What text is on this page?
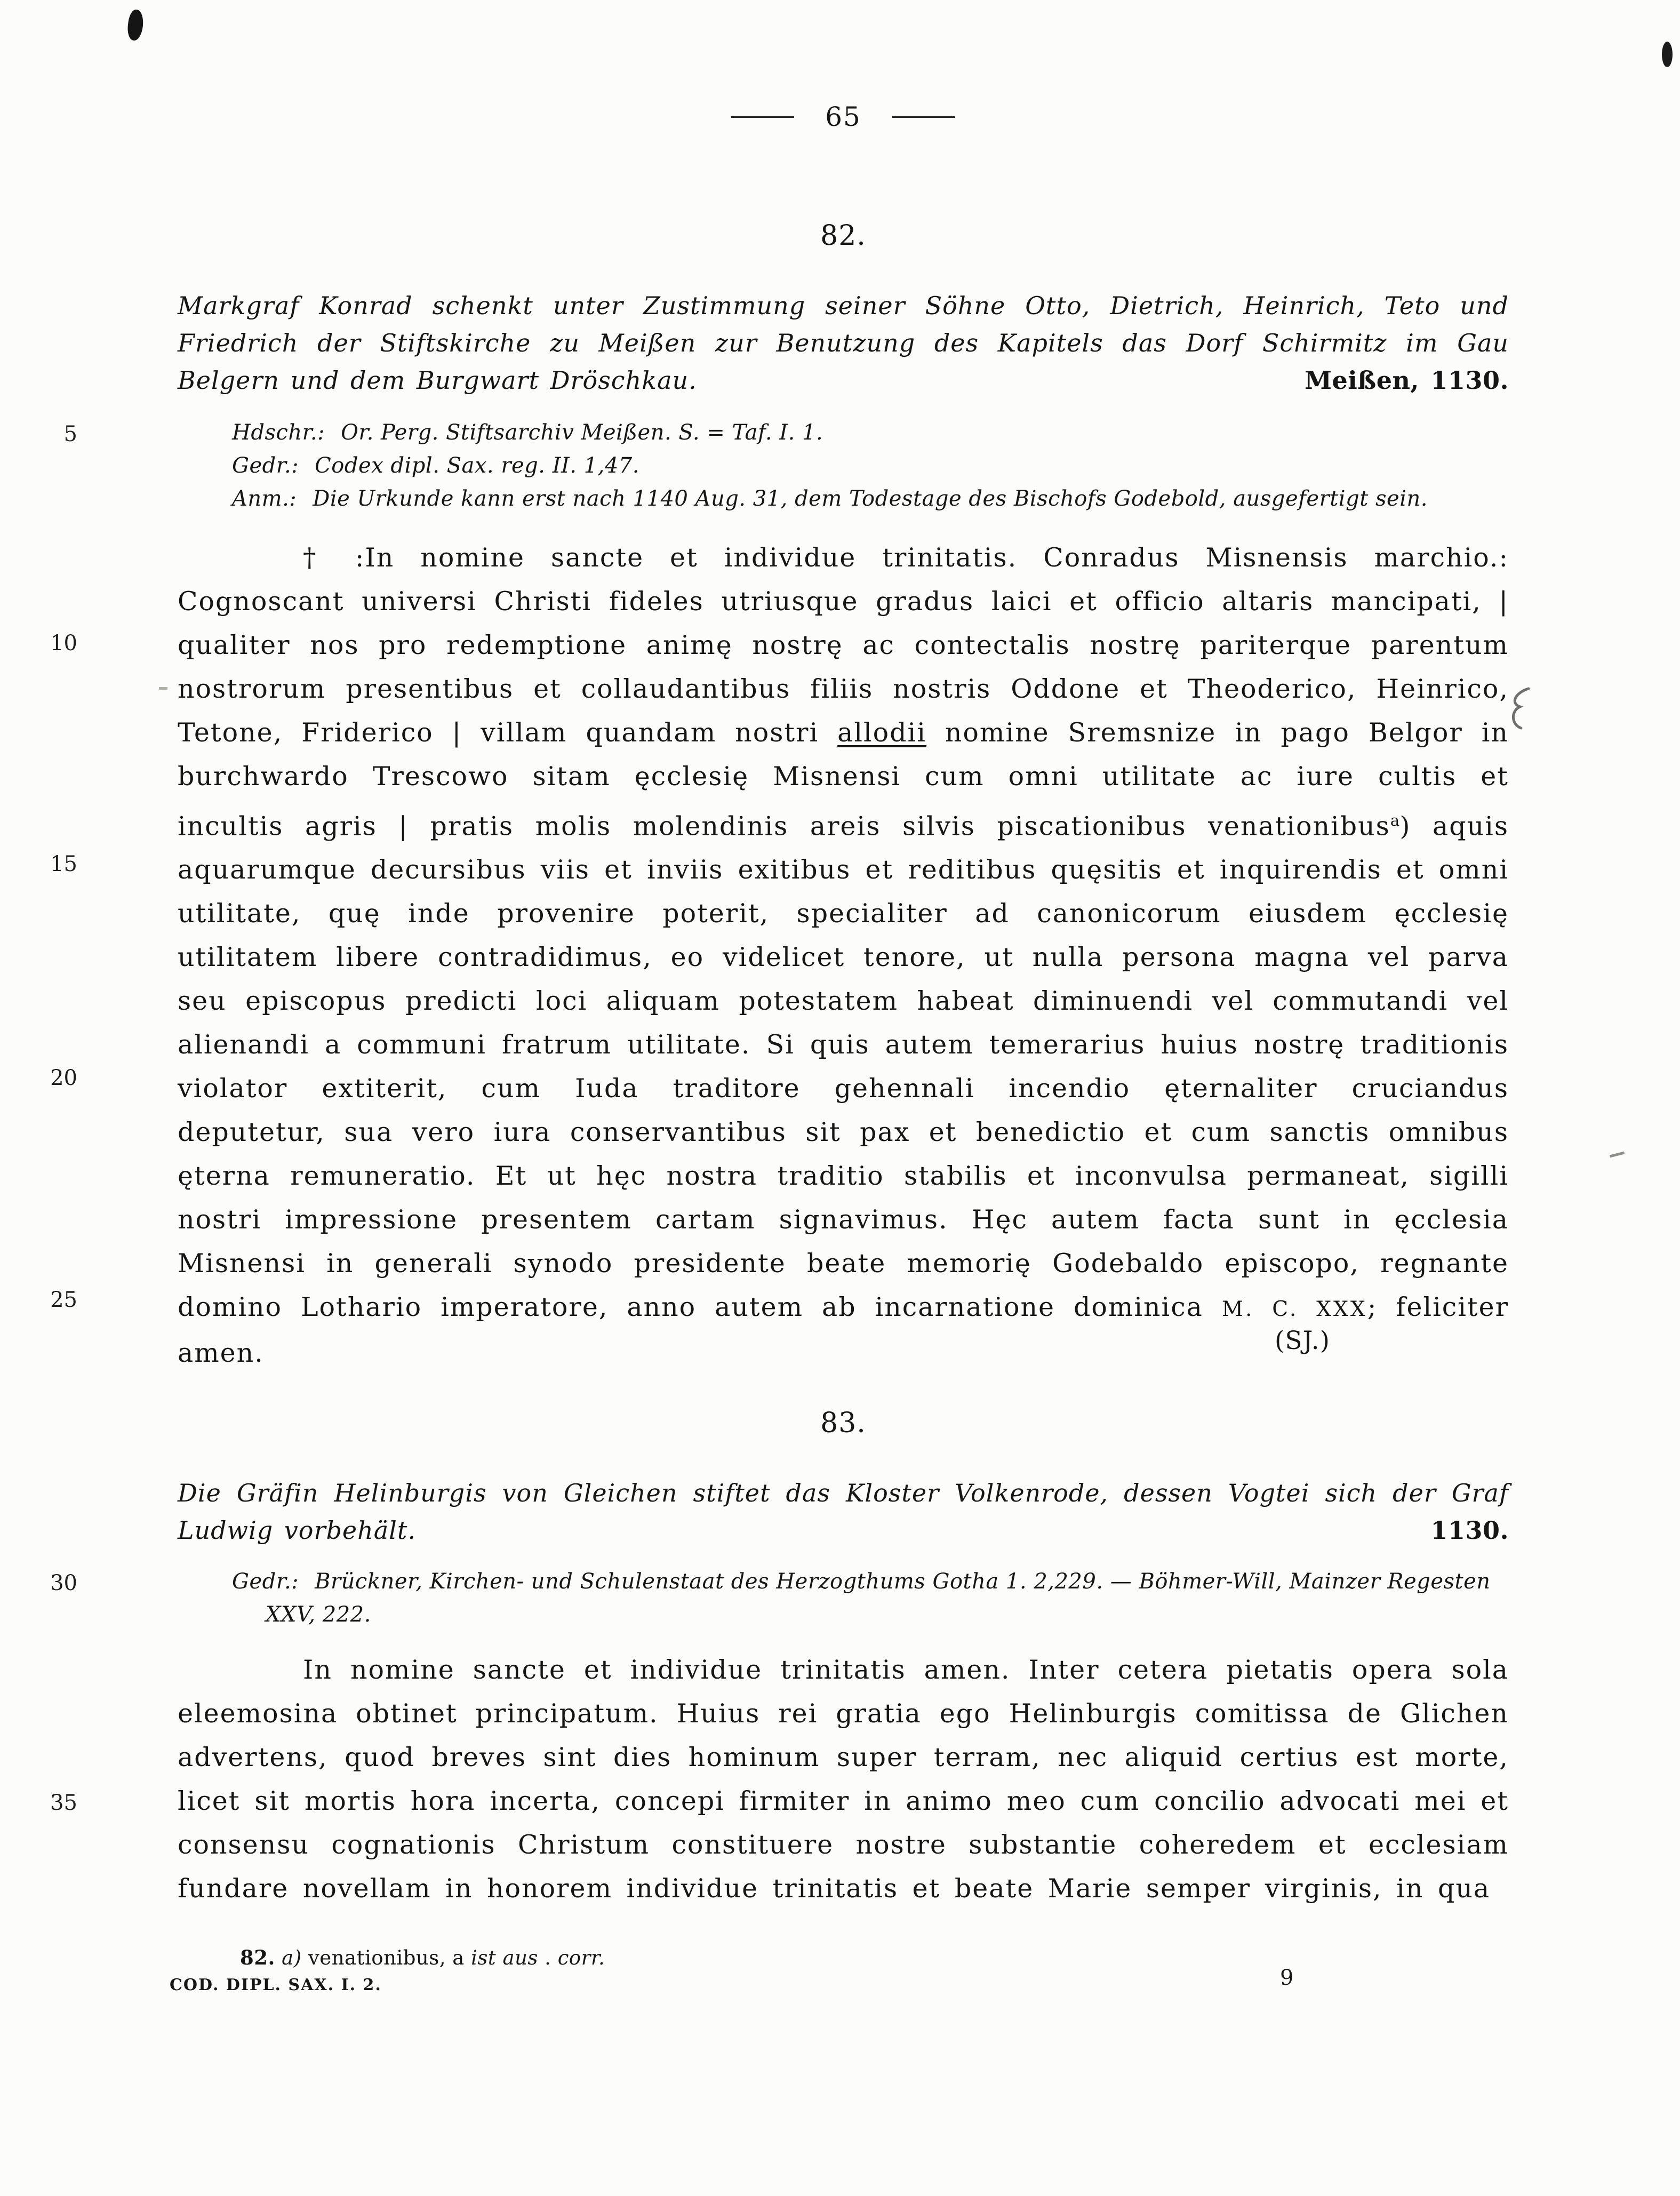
65
5
10
15
20
25
30
35
82.
Markgraf Konrad schenkt unter Zustimmung seiner Söhne Otto, Dietrich, Heinrich, Teto und Friedrich der Stiftskirche zu Meißen zur Benutzung des Kapitels das Dorf Schirmitz im Gau Belgern und dem Burgwart Dröschkau.	Meißen, 1130.
Hdschr.: Or. Perg. Stiftsarchiv Meißen. S. = Taf. I. 1.
Gedr.: Codex dipl. Sax. reg. II. 1,47.
Anm.: Die Urkunde kann erst nach 1140 Aug. 31, dem Todestage des Bischofs Godebold, ausgefertigt sein.
† :In nomine sancte et individue trinitatis. Conradus Misnensis marchio.: Cognoscant universi Christi fideles utriusque gradus laici et officio altaris mancipati, | qualiter nos pro redemptione animę nostrę ac contectalis nostrę pariterque parentum nostrorum presentibus et collaudantibus filiis nostris Oddone et Theoderico, Heinrico, Tetone, Friderico | villam quandam nostri allodii nomine Sremsnize in pago Belgor in burchwardo Trescowo sitam ęcclesię Misnensi cum omni utilitate ac iure cultis et incultis agris | pratis molis molendinis areis silvis piscationibus venationibus$^a$) aquis aquarumque decursibus viis et inviis exitibus et reditibus quęsitis et inquirendis et omni utilitate, quę inde provenire poterit, specialiter ad canonicorum eiusdem ęcclesię utilitatem libere contradidimus, eo videlicet tenore, ut nulla persona magna vel parva seu episcopus predicti loci aliquam potestatem habeat diminuendi vel commutandi vel alienandi a communi fratrum utilitate. Si quis autem temerarius huius nostrę traditionis violator extiterit, cum Iuda traditore gehennali incendio ęternaliter cruciandus deputetur, sua vero iura conservantibus sit pax et benedictio et cum sanctis omnibus ęterna remuneratio. Et ut hęc nostra traditio stabilis et inconvulsa permaneat, sigilli nostri impressione presentem cartam signavimus. Hęc autem facta sunt in ęcclesia Misnensi in generali synodo presidente beate memorię Godebaldo episcopo, regnante domino Lothario imperatore, anno autem ab incarnatione dominica M. C. XXX; feliciter amen.	(SJ.)
83.
Die Gräfin Helinburgis von Gleichen stiftet das Kloster Volkenrode, dessen Vogtei sich der Graf Ludwig vorbehält.	1130.
Gedr.: Brückner, Kirchen- und Schulenstaat des Herzogthums Gotha 1. 2,229. — Böhmer-Will, Mainzer Regesten XXV, 222.
In nomine sancte et individue trinitatis amen. Inter cetera pietatis opera sola eleemosina obtinet principatum. Huius rei gratia ego Helinburgis comitissa de Glichen advertens, quod breves sint dies hominum super terram, nec aliquid certius est morte, licet sit mortis hora incerta, concepi firmiter in animo meo cum concilio advocati mei et consensu cognationis Christum constituere nostre substantie coheredem et ecclesiam fundare novellam in honorem individue trinitatis et beate Marie semper virginis, in qua
82. a) venationibus, a ist aus . corr.
COD. DIPL. SAX. I. 2.	9
